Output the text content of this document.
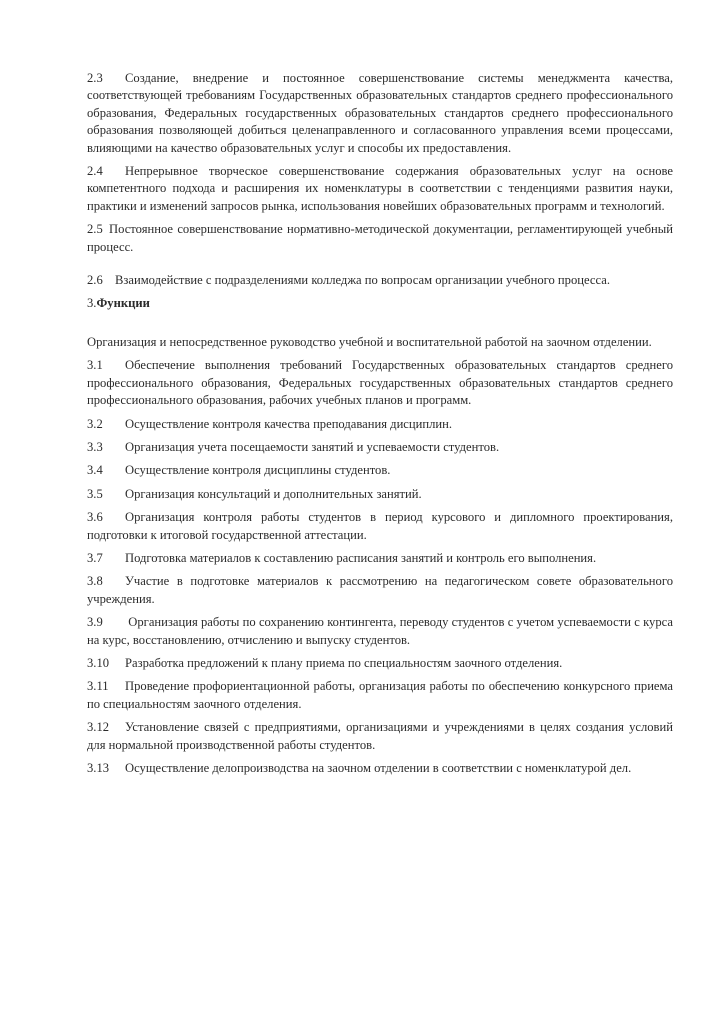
2.3 Создание, внедрение и постоянное совершенствование системы менеджмента качества, соответствующей требованиям Государственных образовательных стандартов среднего профессионального образования, Федеральных государственных образовательных стандартов среднего профессионального образования позволяющей добиться целенаправленного и согласованного управления всеми процессами, влияющими на качество образовательных услуг и способы их предоставления.

2.4 Непрерывное творческое совершенствование содержания образовательных услуг на основе компетентного подхода и расширения их номенклатуры в соответствии с тенденциями развития науки, практики и изменений запросов рынка, использования новейших образовательных программ и технологий.

2.5 Постоянное совершенствование нормативно-методической документации, регламентирующей учебный процесс.

2.6 Взаимодействие с подразделениями колледжа по вопросам организации учебного процесса.

3.Функции

Организация и непосредственное руководство учебной и воспитательной работой на заочном отделении.

3.1 Обеспечение выполнения требований Государственных образовательных стандартов среднего профессионального образования, Федеральных государственных образовательных стандартов среднего профессионального образования, рабочих учебных планов и программ.

3.2 Осуществление контроля качества преподавания дисциплин.

3.3 Организация учета посещаемости занятий и успеваемости студентов.

3.4 Осуществление контроля дисциплины студентов.

3.5 Организация консультаций и дополнительных занятий.

3.6 Организация контроля работы студентов в период курсового и дипломного проектирования, подготовки к итоговой государственной аттестации.

3.7 Подготовка материалов к составлению расписания занятий и контроль его выполнения.

3.8 Участие в подготовке материалов к рассмотрению на педагогическом совете образовательного учреждения.

3.9 Организация работы по сохранению контингента, переводу студентов с учетом успеваемости с курса на курс, восстановлению, отчислению и выпуску студентов.

3.10 Разработка предложений к плану приема по специальностям заочного отделения.

3.11 Проведение профориентационной работы, организация работы по обеспечению конкурсного приема по специальностям заочного отделения.

3.12 Установление связей с предприятиями, организациями и учреждениями в целях создания условий для нормальной производственной работы студентов.

3.13 Осуществление делопроизводства на заочном отделении в соответствии с номенклатурой дел.
